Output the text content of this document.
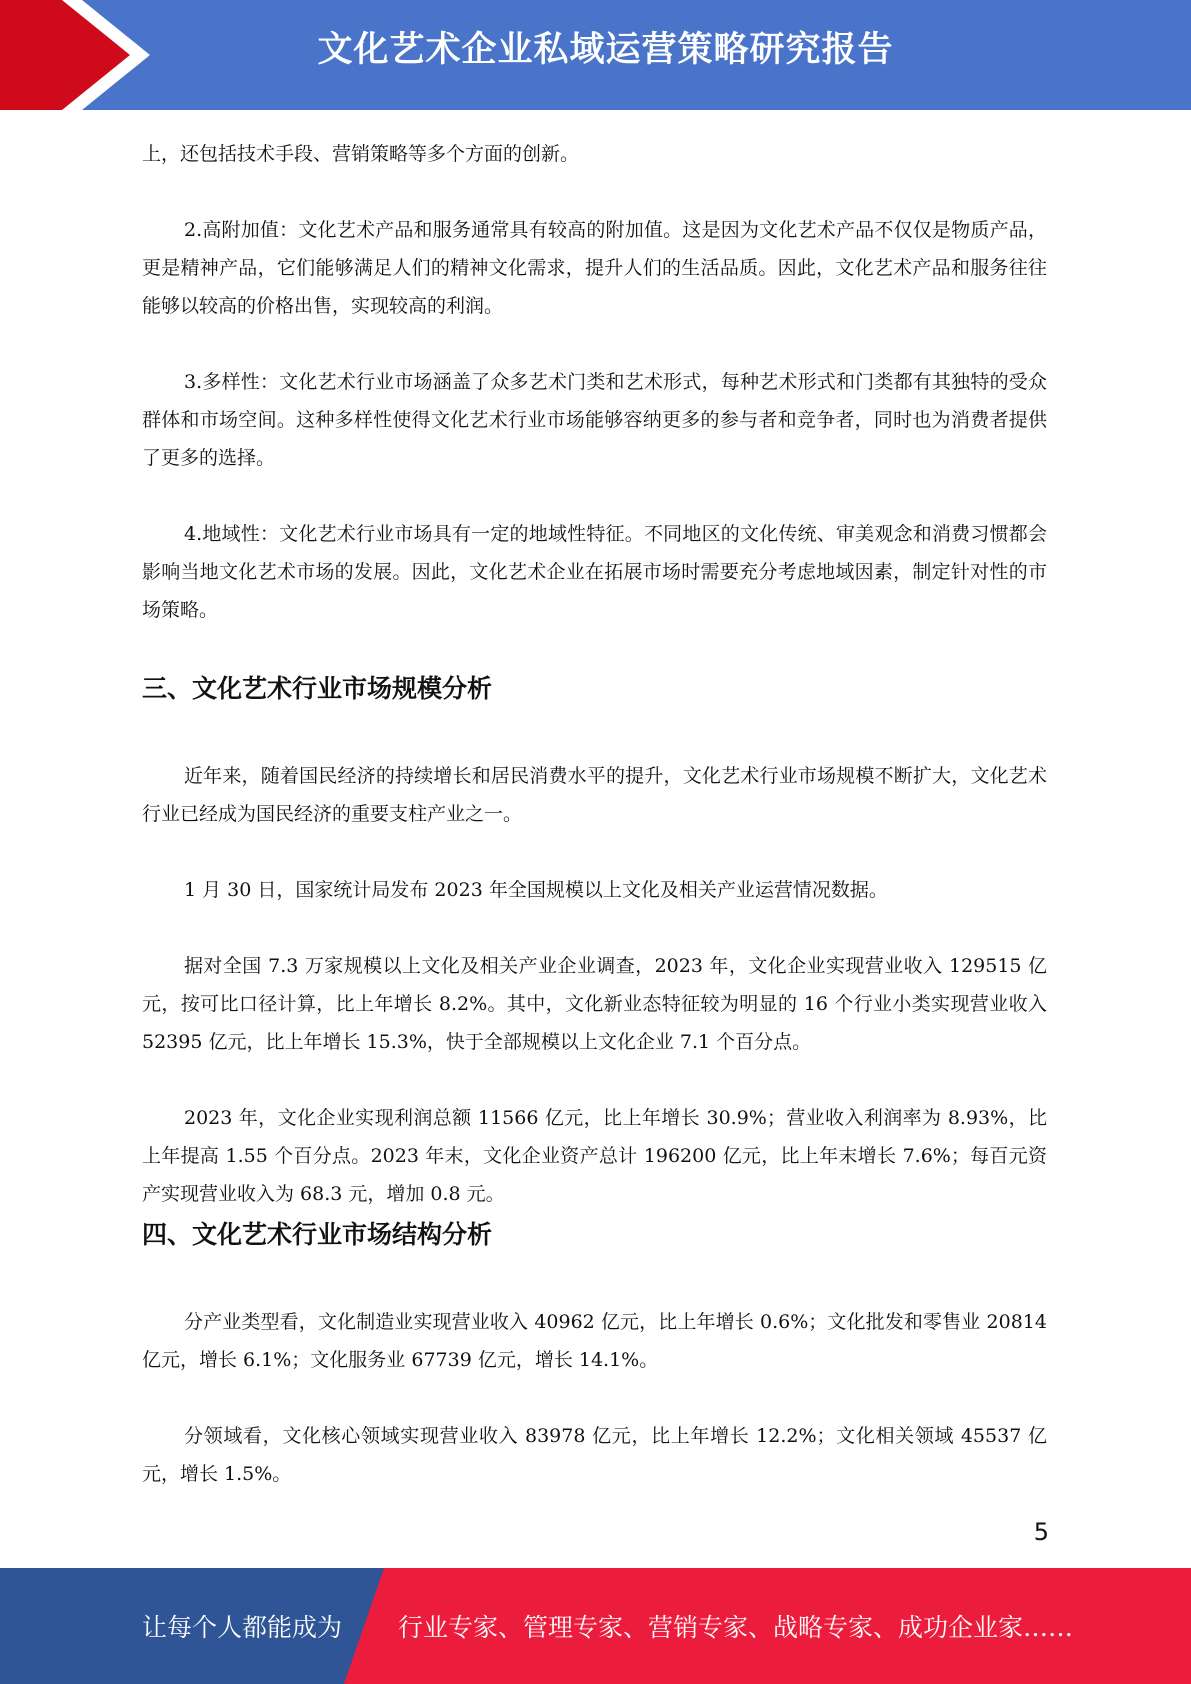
文化艺术企业私域运营策略研究报告

上，还包括技术手段、营销策略等多个方面的创新。

2.高附加值：文化艺术产品和服务通常具有较高的附加值。这是因为文化艺术产品不仅仅是物质产品，更是精神产品，它们能够满足人们的精神文化需求，提升人们的生活品质。因此，文化艺术产品和服务往往能够以较高的价格出售，实现较高的利润。

3.多样性：文化艺术行业市场涵盖了众多艺术门类和艺术形式，每种艺术形式和门类都有其独特的受众群体和市场空间。这种多样性使得文化艺术行业市场能够容纳更多的参与者和竞争者，同时也为消费者提供了更多的选择。

4.地域性：文化艺术行业市场具有一定的地域性特征。不同地区的文化传统、审美观念和消费习惯都会影响当地文化艺术市场的发展。因此，文化艺术企业在拓展市场时需要充分考虑地域因素，制定针对性的市场策略。

三、文化艺术行业市场规模分析

近年来，随着国民经济的持续增长和居民消费水平的提升，文化艺术行业市场规模不断扩大，文化艺术行业已经成为国民经济的重要支柱产业之一。

1 月 30 日，国家统计局发布 2023 年全国规模以上文化及相关产业运营情况数据。

据对全国 7.3 万家规模以上文化及相关产业企业调查，2023 年，文化企业实现营业收入 129515 亿元，按可比口径计算，比上年增长 8.2%。其中，文化新业态特征较为明显的 16 个行业小类实现营业收入 52395 亿元，比上年增长 15.3%，快于全部规模以上文化企业 7.1 个百分点。

2023 年，文化企业实现利润总额 11566 亿元，比上年增长 30.9%；营业收入利润率为 8.93%，比上年提高 1.55 个百分点。2023 年末，文化企业资产总计 196200 亿元，比上年末增长 7.6%；每百元资产实现营业收入为 68.3 元，增加 0.8 元。

四、文化艺术行业市场结构分析

分产业类型看，文化制造业实现营业收入 40962 亿元，比上年增长 0.6%；文化批发和零售业 20814 亿元，增长 6.1%；文化服务业 67739 亿元，增长 14.1%。

分领域看，文化核心领域实现营业收入 83978 亿元，比上年增长 12.2%；文化相关领域 45537 亿元，增长 1.5%。

5
让每个人都能成为 行业专家、管理专家、营销专家、战略专家、成功企业家……
